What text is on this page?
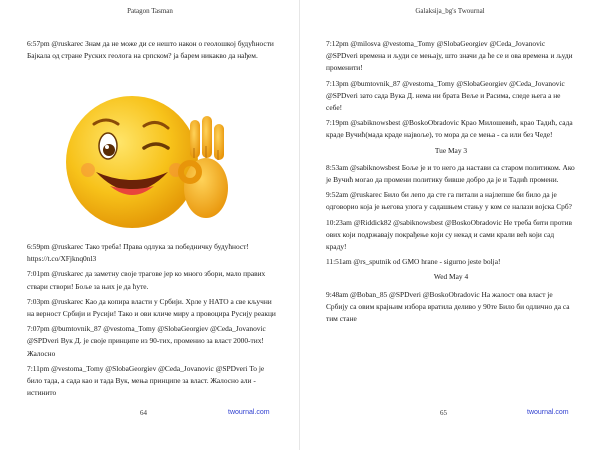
Patagon Tasman

6:57pm @ruskarec Знам да не може ди се нешто након о геолошкој будућности Бајкала од стране Руских геолога на српском? ја барем никакво да нађем.

6:59pm @ruskarec Тако треба! Права одлука за победничку будућност! https://t.co/XFjknq0nl3

7:01pm @ruskarec да заметну своје трагове јер ко много збори, мало правих ствари створи! Боље за њих је да ћуте.

7:03pm @ruskarec Као да копира власти у Србији. Хрле у НАТО а све кључни на верност Србији и Русији! Тако и ови кличе миру а провоцира Русију реакци

7:07pm @bumtovnik_87 @vestoma_Tomy @SlobaGeorgiev @Ceda_Jovanovic @SPDveri Вук Д. је своје принципе из 90-тих, променио за власт 2000-тих! Жалосно

7:11pm @vestoma_Tomy @SlobaGeorgiev @Ceda_Jovanovic @SPDveri То је било тада, а сада као и тада Вук, мења принципе за власт. Жалосно али - истинито

64	twournal.com
Galaksija_bg's Twournal

7:12pm @milosva @vestoma_Tomy @SlobaGeorgiev @Ceda_Jovanovic @SPDveri времена и људи се мењају, што значи да ће се и ова времена и људи променити!

7:13pm @bumtovnik_87 @vestoma_Tomy @SlobaGeorgiev @Ceda_Jovanovic @SPDveri зато сада Вука Д. нема ни брата Веље и Расима, следе њега а не себе!

7:19pm @sabiknowsbest @BoskoObradovic Крао Милошевић, крао Тадић, сада краде Вучић(мада краде највоље), то мора да се мења - са или без Чеде!

Tue May 3

8:53am @sabiknowsbest Боље је и то него да настави са старом политиком. Ако је Вучић могао да промени политику бивше добро да је и Тадић промени.

9:52am @ruskarec Било би лепо да сте га питали а најлепше би било да је одговорио која је његова улога у садашњем стању у ком се налази војска Срб?

10:23am @Riddick82 @sabiknowsbest @BoskoObradovic Не треба бити против ових који подржавају покрађење који су некад и сами крали већ који сад краду!

11:51am @rs_sputnik od GMO hrane - sigurno jeste bolja!

Wed May 4

9:48am @Boban_85 @SPDveri @BoskoObradovic На жалост ова власт је Србију са овим крајњим избора вратила деливо у 90те Било би одлично да са тим стане

65	twournal.com
